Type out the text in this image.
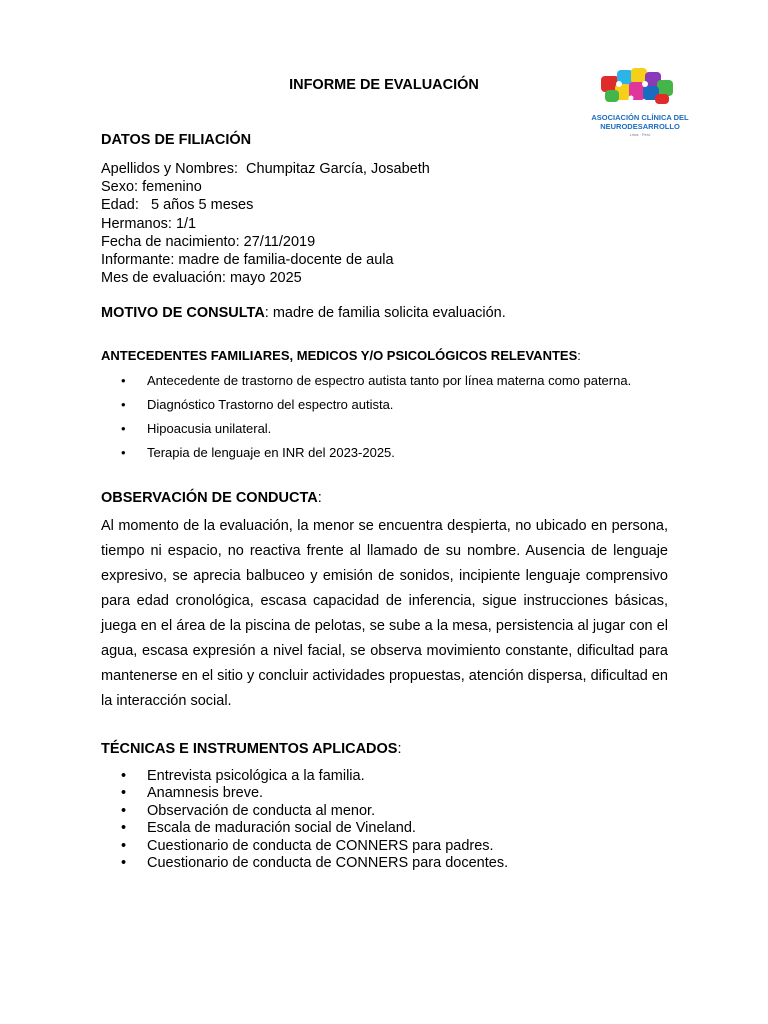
ASOCIACIÓN CLÍNICA DEL
NEURODESARROLLO
Lima · Perú
INFORME DE EVALUACIÓN
DATOS DE FILIACIÓN
Apellidos y Nombres:  Chumpitaz García, Josabeth
Sexo: femenino
Edad:   5 años 5 meses
Hermanos: 1/1
Fecha de nacimiento: 27/11/2019
Informante: madre de familia-docente de aula
Mes de evaluación: mayo 2025
MOTIVO DE CONSULTA: madre de familia solicita evaluación.
ANTECEDENTES FAMILIARES, MEDICOS Y/O PSICOLÓGICOS RELEVANTES:
• Antecedente de trastorno de espectro autista tanto por línea materna como paterna.
• Diagnóstico Trastorno del espectro autista.
• Hipoacusia unilateral.
• Terapia de lenguaje en INR del 2023-2025.
OBSERVACIÓN DE CONDUCTA:
Al momento de la evaluación, la menor se encuentra despierta, no ubicado en persona, tiempo ni espacio, no reactiva frente al llamado de su nombre. Ausencia de lenguaje expresivo, se aprecia balbuceo y emisión de sonidos, incipiente lenguaje comprensivo para edad cronológica, escasa capacidad de inferencia, sigue instrucciones básicas, juega en el área de la piscina de pelotas, se sube a la mesa, persistencia al jugar con el agua, escasa expresión a nivel facial, se observa movimiento constante, dificultad para mantenerse en el sitio y concluir actividades propuestas, atención dispersa, dificultad en la interacción social.
TÉCNICAS E INSTRUMENTOS APLICADOS:
• Entrevista psicológica a la familia.
• Anamnesis breve.
• Observación de conducta al menor.
• Escala de maduración social de Vineland.
• Cuestionario de conducta de CONNERS para padres.
• Cuestionario de conducta de CONNERS para docentes.
